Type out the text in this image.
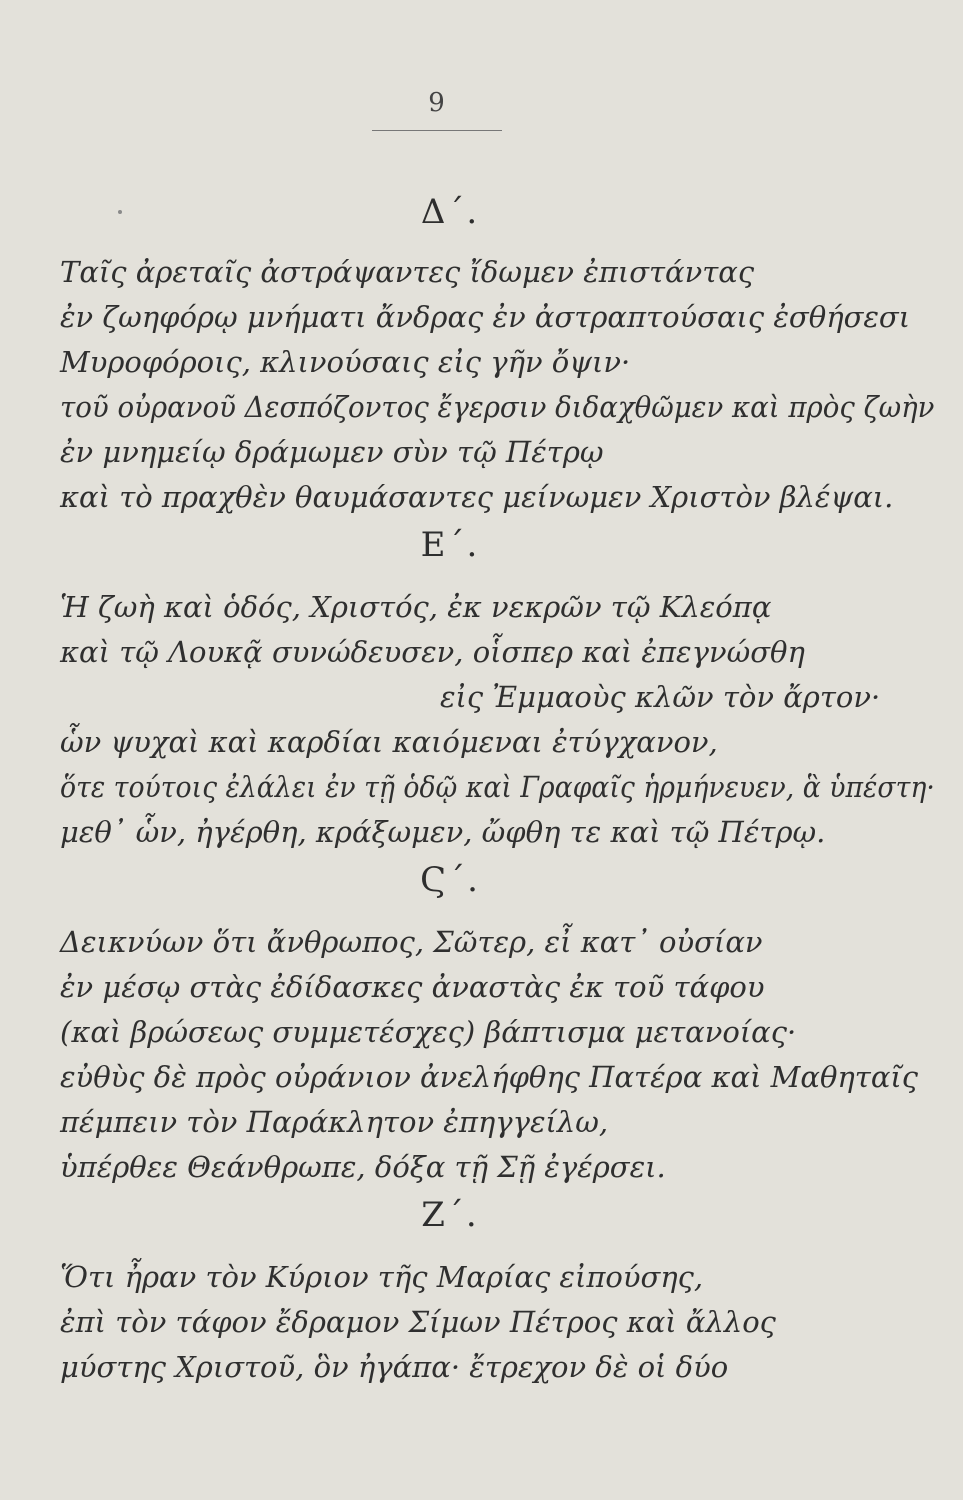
9
Δ΄.
Ταῖς ἀρεταῖς ἀστράψαντες ἴδωμεν ἐπιστάντας
ἐν ζωηφόρῳ μνήματι ἄνδρας ἐν ἀστραπτούσαις ἐσθήσεσι
Μυροφόροις, κλινούσαις εἰς γῆν ὄψιν·
τοῦ οὐρανοῦ Δεσπόζοντος ἔγερσιν διδαχθῶμεν καὶ πρὸς ζωὴν
ἐν μνημείῳ δράμωμεν σὺν τῷ Πέτρῳ
καὶ τὸ πραχθὲν θαυμάσαντες μείνωμεν Χριστὸν βλέψαι.
Ε΄.
Ἡ ζωὴ καὶ ὁδός, Χριστός, ἐκ νεκρῶν τῷ Κλεόπᾳ
καὶ τῷ Λουκᾷ συνώδευσεν, οἷσπερ καὶ ἐπεγνώσθη
εἰς Ἐμμαοὺς κλῶν τὸν ἄρτον·
ὧν ψυχαὶ καὶ καρδίαι καιόμεναι ἐτύγχανον,
ὅτε τούτοις ἐλάλει ἐν τῇ ὁδῷ καὶ Γραφαῖς ἡρμήνευεν, ἃ ὑπέστη·
μεθ᾽ ὧν, ἠγέρθη, κράξωμεν, ὤφθη τε καὶ τῷ Πέτρῳ.
Ϛ΄.
Δεικνύων ὅτι ἄνθρωπος, Σῶτερ, εἶ κατ᾽ οὐσίαν
ἐν μέσῳ στὰς ἐδίδασκες ἀναστὰς ἐκ τοῦ τάφου
(καὶ βρώσεως συμμετέσχες) βάπτισμα μετανοίας·
εὐθὺς δὲ πρὸς οὐράνιον ἀνελήφθης Πατέρα καὶ Μαθηταῖς
πέμπειν τὸν Παράκλητον ἐπηγγείλω,
ὑπέρθεε Θεάνθρωπε, δόξα τῇ Σῇ ἐγέρσει.
Ζ΄.
Ὅτι ἦραν τὸν Κύριον τῆς Μαρίας εἰπούσης,
ἐπὶ τὸν τάφον ἔδραμον Σίμων Πέτρος καὶ ἄλλος
μύστης Χριστοῦ, ὃν ἠγάπα· ἔτρεχον δὲ οἱ δύο
